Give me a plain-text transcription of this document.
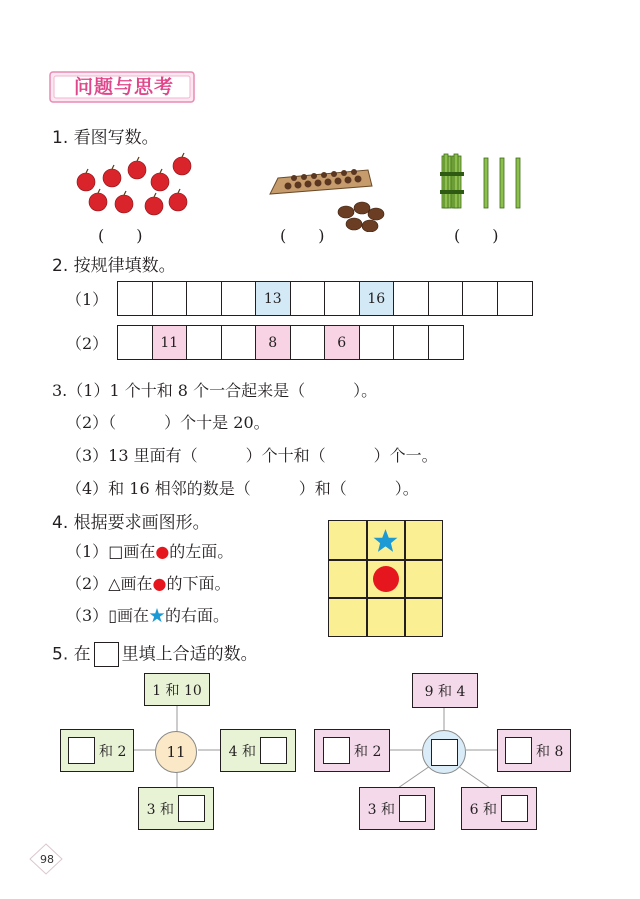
问题与思考
1. 看图写数。
(　　)	(　　)	(　　)
2. 按规律填数。
（1）	13	16
（2）	11	8	6
3.（1）1 个十和 8 个一合起来是（　　　）。
（2）（　　　）个十是 20。
（3）13 里面有（　　　）个十和（　　　）个一。
（4）和 16 相邻的数是（　　　）和（　　　）。
4. 根据要求画图形。
（1）□画在●的左面。
（2）△画在●的下面。
（3）▯画在★的右面。
5. 在 里填上合适的数。
1 和 10

和 2	11	4 和

3 和

9 和 4

和 2
	和 8
3 和
	6 和

98
